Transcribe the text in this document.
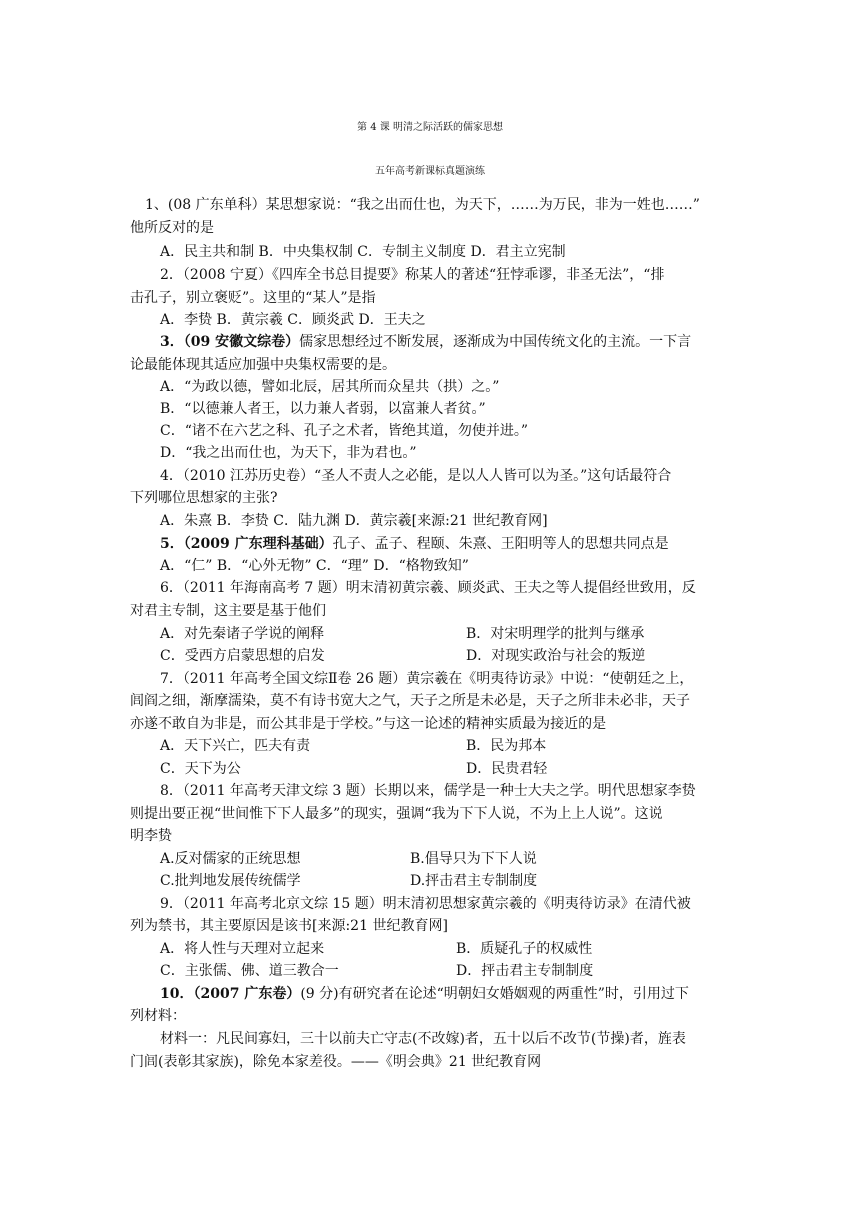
第 4 课 明清之际活跃的儒家思想
五年高考新课标真题演练
1、(08 广东单科）某思想家说：“我之出而仕也，为天下，……为万民，非为一姓也……”
他所反对的是
A．民主共和制 B．中央集权制 C．专制主义制度 D．君主立宪制
2．（2008 宁夏）《四库全书总目提要》称某人的著述“狂悖乖谬，非圣无法”，“排
击孔子，别立褒贬”。这里的“某人”是指
A．李贽 B．黄宗羲 C．顾炎武 D．王夫之
3．（09 安徽文综卷）儒家思想经过不断发展，逐渐成为中国传统文化的主流。一下言
论最能体现其适应加强中央集权需要的是。
A．“为政以德，譬如北辰，居其所而众星共（拱）之。”
B．“以德兼人者王，以力兼人者弱，以富兼人者贫。”
C．“诸不在六艺之科、孔子之术者，皆绝其道，勿使并进。”
D．“我之出而仕也，为天下，非为君也。”
4．（2010 江苏历史卷）“圣人不责人之必能，是以人人皆可以为圣。”这句话最符合
下列哪位思想家的主张?
A．朱熹 B．李贽 C．陆九渊 D．黄宗羲[来源:21 世纪教育网]
5．（2009 广东理科基础）孔子、孟子、程颐、朱熹、王阳明等人的思想共同点是
A．“仁” B．“心外无物” C．“理” D．“格物致知”
6．（2011 年海南高考 7 题）明末清初黄宗羲、顾炎武、王夫之等人提倡经世致用，反
对君主专制，这主要是基于他们
A．对先秦诸子学说的阐释	B．对宋明理学的批判与继承
C．受西方启蒙思想的启发	D．对现实政治与社会的叛逆
7．（2011 年高考全国文综Ⅱ卷 26 题）黄宗羲在《明夷待访录》中说：“使朝廷之上，
闾阎之细，渐摩濡染，莫不有诗书宽大之气，天子之所是未必是，天子之所非未必非，天子
亦遂不敢自为非是，而公其非是于学校。”与这一论述的精神实质最为接近的是
A．天下兴亡，匹夫有责	B．民为邦本
C．天下为公	D．民贵君轻
8．（2011 年高考天津文综 3 题）长期以来，儒学是一种士大夫之学。明代思想家李贽
则提出要正视“世间惟下下人最多”的现实，强调“我为下下人说，不为上上人说”。这说
明李贽
A.反对儒家的正统思想	B.倡导只为下下人说
C.批判地发展传统儒学	D.抨击君主专制制度
9．（2011 年高考北京文综 15 题）明末清初思想家黄宗羲的《明夷待访录》在清代被
列为禁书，其主要原因是该书[来源:21 世纪教育网]
A．将人性与天理对立起来	B．质疑孔子的权威性
C．主张儒、佛、道三教合一	D．抨击君主专制制度
10．（2007 广东卷）(9 分)有研究者在论述“明朝妇女婚姻观的两重性”时，引用过下
列材料：
材料一：凡民间寡妇，三十以前夫亡守志(不改嫁)者，五十以后不改节(节操)者，旌表
门闾(表彰其家族)，除免本家差役。——《明会典》21 世纪教育网
